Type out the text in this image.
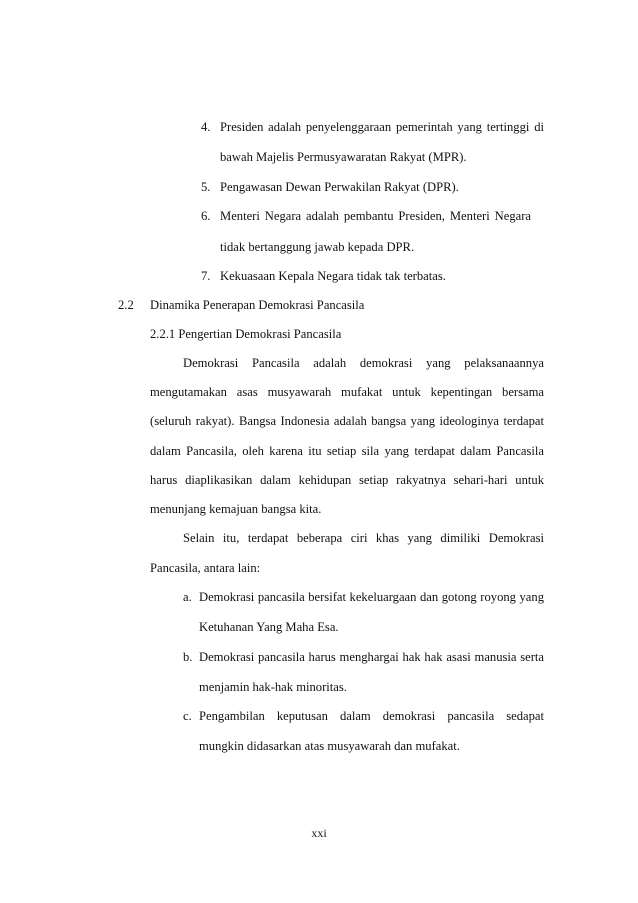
4. Presiden adalah penyelenggaraan pemerintah yang tertinggi di
bawah Majelis Permusyawaratan Rakyat (MPR).
5. Pengawasan Dewan Perwakilan Rakyat (DPR).
6. Menteri Negara adalah pembantu Presiden, Menteri Negara
tidak bertanggung jawab kepada DPR.
7. Kekuasaan Kepala Negara tidak tak terbatas.
2.2 Dinamika Penerapan Demokrasi Pancasila
2.2.1 Pengertian Demokrasi Pancasila
Demokrasi Pancasila adalah demokrasi yang pelaksanaannya
mengutamakan asas musyawarah mufakat untuk kepentingan bersama
(seluruh rakyat). Bangsa Indonesia adalah bangsa yang ideologinya terdapat
dalam Pancasila, oleh karena itu setiap sila yang terdapat dalam Pancasila
harus diaplikasikan dalam kehidupan setiap rakyatnya sehari-hari untuk
menunjang kemajuan bangsa kita.
Selain itu, terdapat beberapa ciri khas yang dimiliki Demokrasi
Pancasila, antara lain:
a. Demokrasi pancasila bersifat kekeluargaan dan gotong royong yang
Ketuhanan Yang Maha Esa.
b. Demokrasi pancasila harus menghargai hak hak asasi manusia serta
menjamin hak-hak minoritas.
c. Pengambilan keputusan dalam demokrasi pancasila sedapat
mungkin didasarkan atas musyawarah dan mufakat.
xxi
